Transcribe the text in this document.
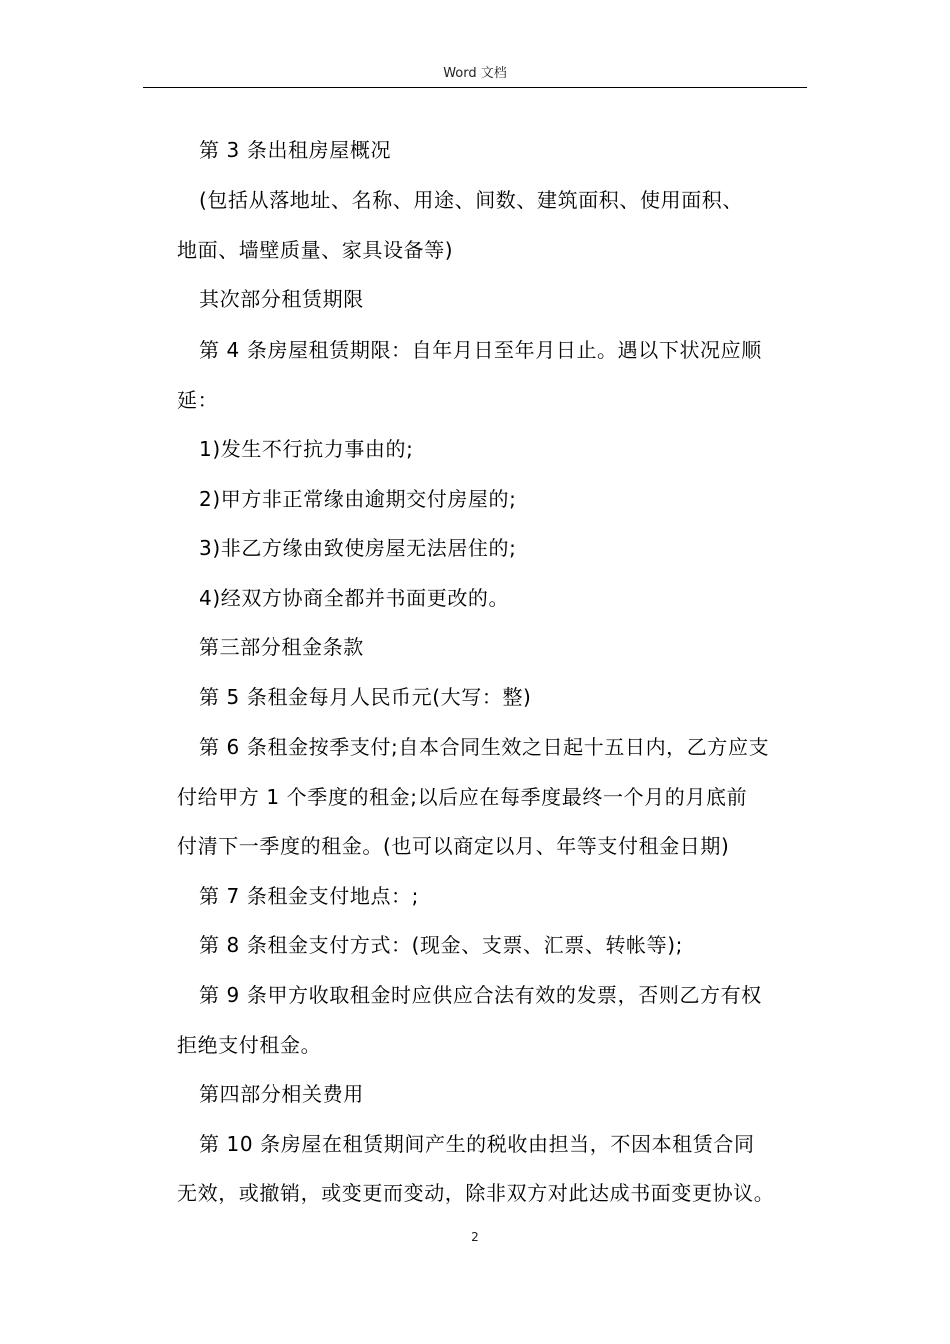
Word 文档
第 3 条出租房屋概况
(包括从落地址、名称、用途、间数、建筑面积、使用面积、
地面、墙壁质量、家具设备等)
其次部分租赁期限
第 4 条房屋租赁期限：自年月日至年月日止。遇以下状况应顺
延：
1)发生不行抗力事由的;
2)甲方非正常缘由逾期交付房屋的;
3)非乙方缘由致使房屋无法居住的;
4)经双方协商全都并书面更改的。
第三部分租金条款
第 5 条租金每月人民币元(大写：整)
第 6 条租金按季支付;自本合同生效之日起十五日内，乙方应支
付给甲方 1 个季度的租金;以后应在每季度最终一个月的月底前
付清下一季度的租金。(也可以商定以月、年等支付租金日期)
第 7 条租金支付地点：;
第 8 条租金支付方式：(现金、支票、汇票、转帐等);
第 9 条甲方收取租金时应供应合法有效的发票，否则乙方有权
拒绝支付租金。
第四部分相关费用
第 10 条房屋在租赁期间产生的税收由担当，不因本租赁合同
无效，或撤销，或变更而变动，除非双方对此达成书面变更协议。
2
